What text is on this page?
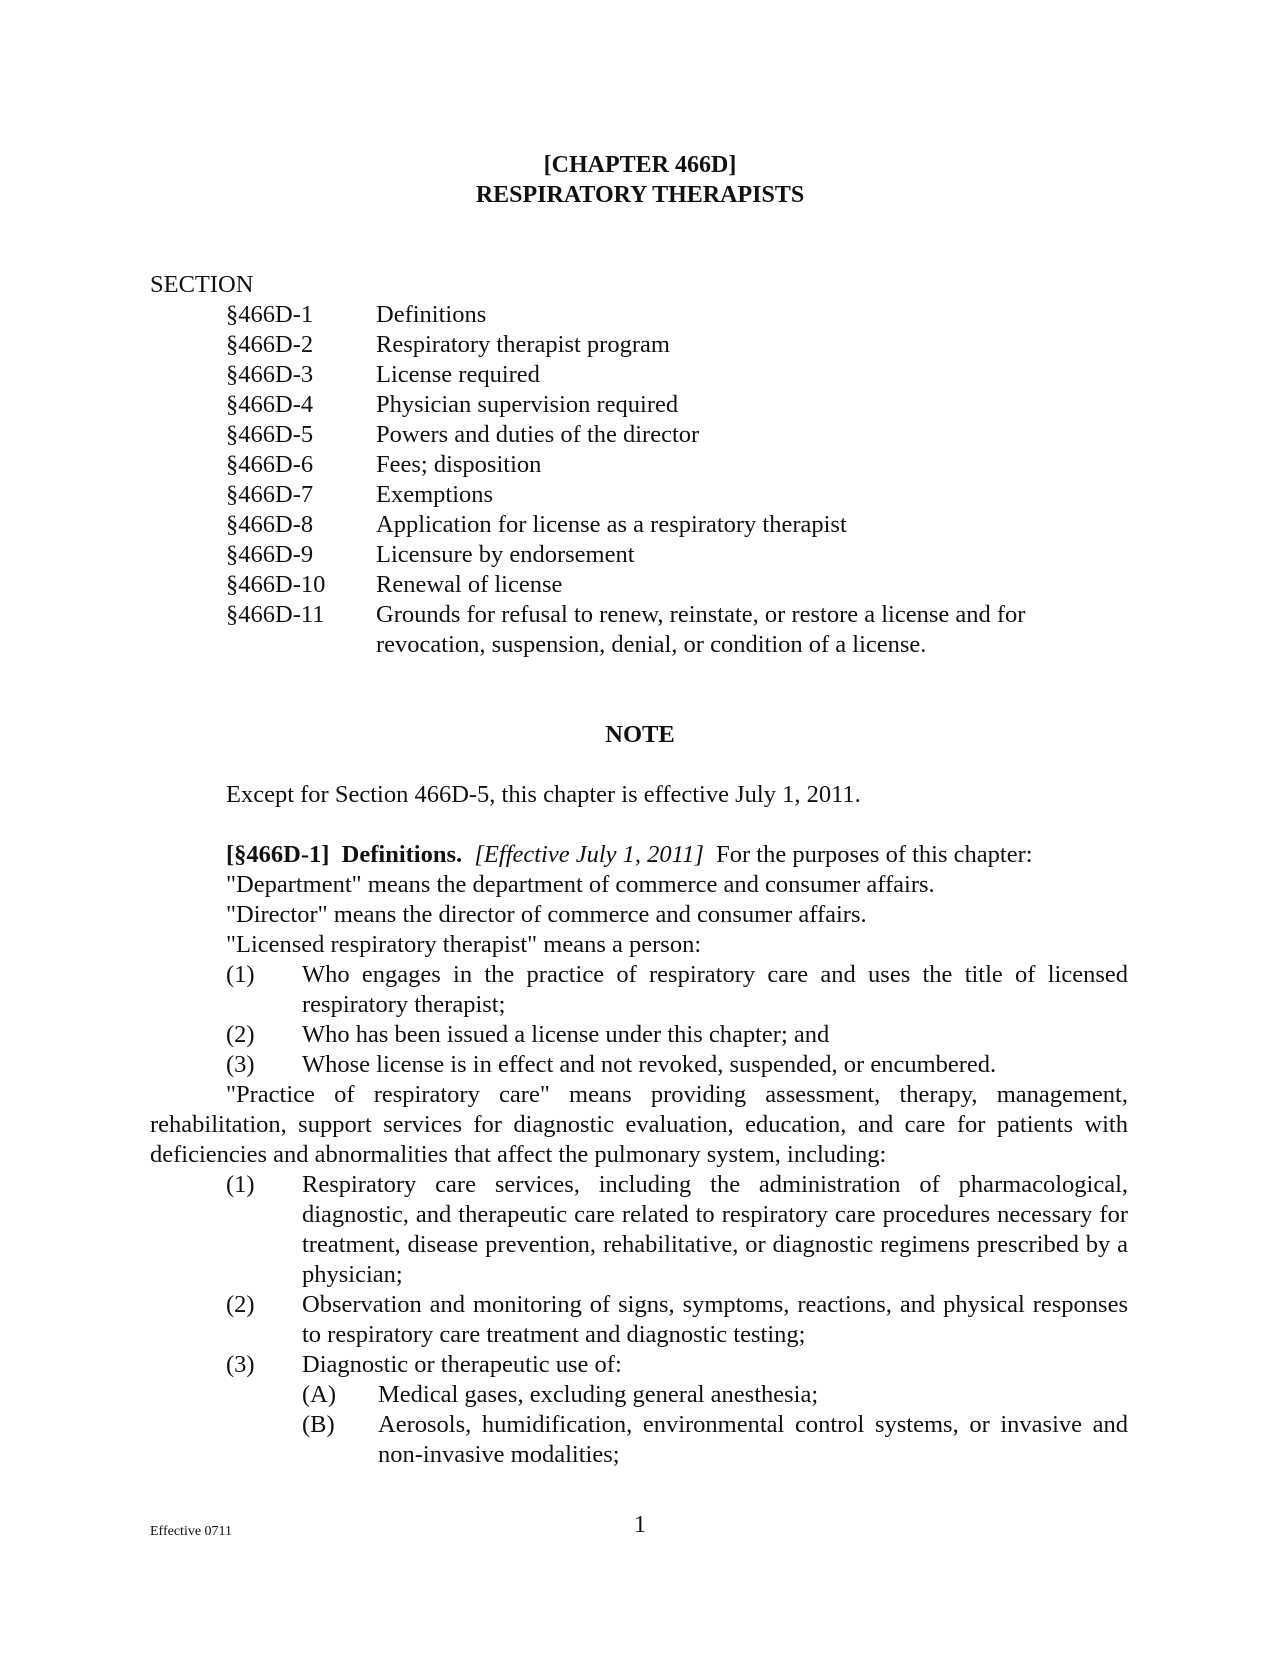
[CHAPTER 466D]
RESPIRATORY THERAPISTS
SECTION
§466D-1	Definitions
§466D-2	Respiratory therapist program
§466D-3	License required
§466D-4	Physician supervision required
§466D-5	Powers and duties of the director
§466D-6	Fees; disposition
§466D-7	Exemptions
§466D-8	Application for license as a respiratory therapist
§466D-9	Licensure by endorsement
§466D-10	Renewal of license
§466D-11	Grounds for refusal to renew, reinstate, or restore a license and for revocation, suspension, denial, or condition of a license.
NOTE
Except for Section 466D-5, this chapter is effective July 1, 2011.
[§466D-1] Definitions. [Effective July 1, 2011] For the purposes of this chapter:
"Department" means the department of commerce and consumer affairs.
"Director" means the director of commerce and consumer affairs.
"Licensed respiratory therapist" means a person:
(1)	Who engages in the practice of respiratory care and uses the title of licensed respiratory therapist;
(2)	Who has been issued a license under this chapter; and
(3)	Whose license is in effect and not revoked, suspended, or encumbered.
"Practice of respiratory care" means providing assessment, therapy, management, rehabilitation, support services for diagnostic evaluation, education, and care for patients with deficiencies and abnormalities that affect the pulmonary system, including:
(1)	Respiratory care services, including the administration of pharmacological, diagnostic, and therapeutic care related to respiratory care procedures necessary for treatment, disease prevention, rehabilitative, or diagnostic regimens prescribed by a physician;
(2)	Observation and monitoring of signs, symptoms, reactions, and physical responses to respiratory care treatment and diagnostic testing;
(3)	Diagnostic or therapeutic use of:
(A)	Medical gases, excluding general anesthesia;
(B)	Aerosols, humidification, environmental control systems, or invasive and non-invasive modalities;
Effective 0711	1
